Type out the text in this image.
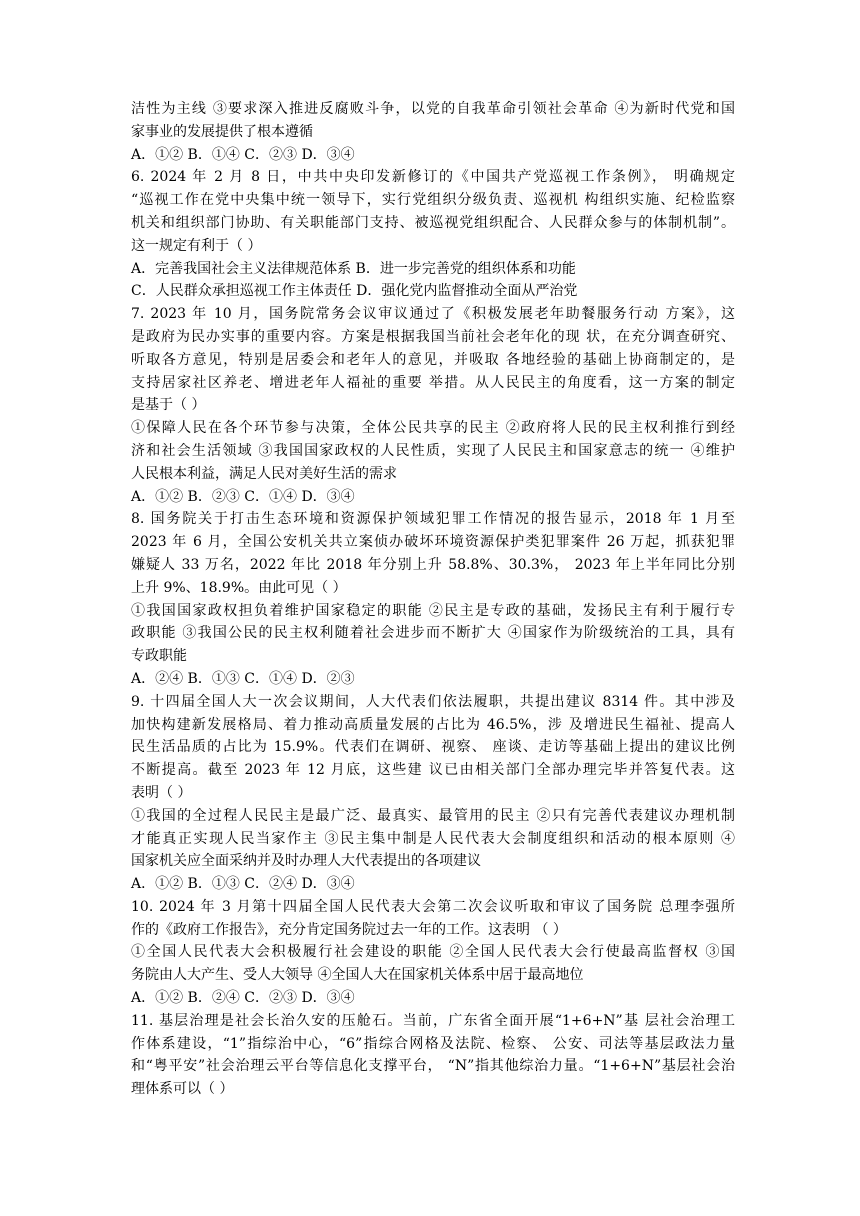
洁性为主线 ③要求深入推进反腐败斗争，以党的自我革命引领社会革命 ④为新时代党和国
家事业的发展提供了根本遵循
A．①② B．①④ C．②③ D．③④
6. 2024 年 2 月 8 日，中共中央印发新修订的《中国共产党巡视工作条例》， 明确规定
“巡视工作在党中央集中统一领导下，实行党组织分级负责、巡视机 构组织实施、纪检监察
机关和组织部门协助、有关职能部门支持、被巡视党组织配合、人民群众参与的体制机制”。
这一规定有利于（ ）
A．完善我国社会主义法律规范体系 B．进一步完善党的组织体系和功能
C．人民群众承担巡视工作主体责任 D．强化党内监督推动全面从严治党
7. 2023 年 10 月，国务院常务会议审议通过了《积极发展老年助餐服务行动 方案》，这
是政府为民办实事的重要内容。方案是根据我国当前社会老年化的现 状，在充分调查研究、
听取各方意见，特别是居委会和老年人的意见，并吸取 各地经验的基础上协商制定的，是
支持居家社区养老、增进老年人福祉的重要 举措。从人民民主的角度看，这一方案的制定
是基于（ ）
①保障人民在各个环节参与决策，全体公民共享的民主 ②政府将人民的民主权利推行到经
济和社会生活领域 ③我国国家政权的人民性质，实现了人民民主和国家意志的统一 ④维护
人民根本利益，满足人民对美好生活的需求
A．①② B．②③ C．①④ D．③④
8. 国务院关于打击生态环境和资源保护领域犯罪工作情况的报告显示，2018 年 1 月至
2023 年 6 月，全国公安机关共立案侦办破坏环境资源保护类犯罪案件 26 万起，抓获犯罪
嫌疑人 33 万名，2022 年比 2018 年分别上升 58.8%、30.3%， 2023 年上半年同比分别
上升 9%、18.9%。由此可见（ ）
①我国国家政权担负着维护国家稳定的职能 ②民主是专政的基础，发扬民主有利于履行专
政职能 ③我国公民的民主权利随着社会进步而不断扩大 ④国家作为阶级统治的工具，具有
专政职能
A．②④ B．①③ C．①④ D．②③
9. 十四届全国人大一次会议期间，人大代表们依法履职，共提出建议 8314 件。其中涉及
加快构建新发展格局、着力推动高质量发展的占比为 46.5%，涉 及增进民生福祉、提高人
民生活品质的占比为 15.9%。代表们在调研、视察、 座谈、走访等基础上提出的建议比例
不断提高。截至 2023 年 12 月底，这些建 议已由相关部门全部办理完毕并答复代表。这
表明（ ）
①我国的全过程人民民主是最广泛、最真实、最管用的民主 ②只有完善代表建议办理机制
才能真正实现人民当家作主 ③民主集中制是人民代表大会制度组织和活动的根本原则 ④
国家机关应全面采纳并及时办理人大代表提出的各项建议
A．①② B．①③ C．②④ D．③④
10. 2024 年 3 月第十四届全国人民代表大会第二次会议听取和审议了国务院 总理李强所
作的《政府工作报告》，充分肯定国务院过去一年的工作。这表明 （ ）
①全国人民代表大会积极履行社会建设的职能 ②全国人民代表大会行使最高监督权 ③国
务院由人大产生、受人大领导 ④全国人大在国家机关体系中居于最高地位
A．①② B．②④ C．②③ D．③④
11. 基层治理是社会长治久安的压舱石。当前，广东省全面开展“1+6+N”基 层社会治理工
作体系建设，“1”指综治中心，“6”指综合网格及法院、检察、 公安、司法等基层政法力量
和“粤平安”社会治理云平台等信息化支撑平台， “N”指其他综治力量。“1+6+N”基层社会治
理体系可以（ ）
